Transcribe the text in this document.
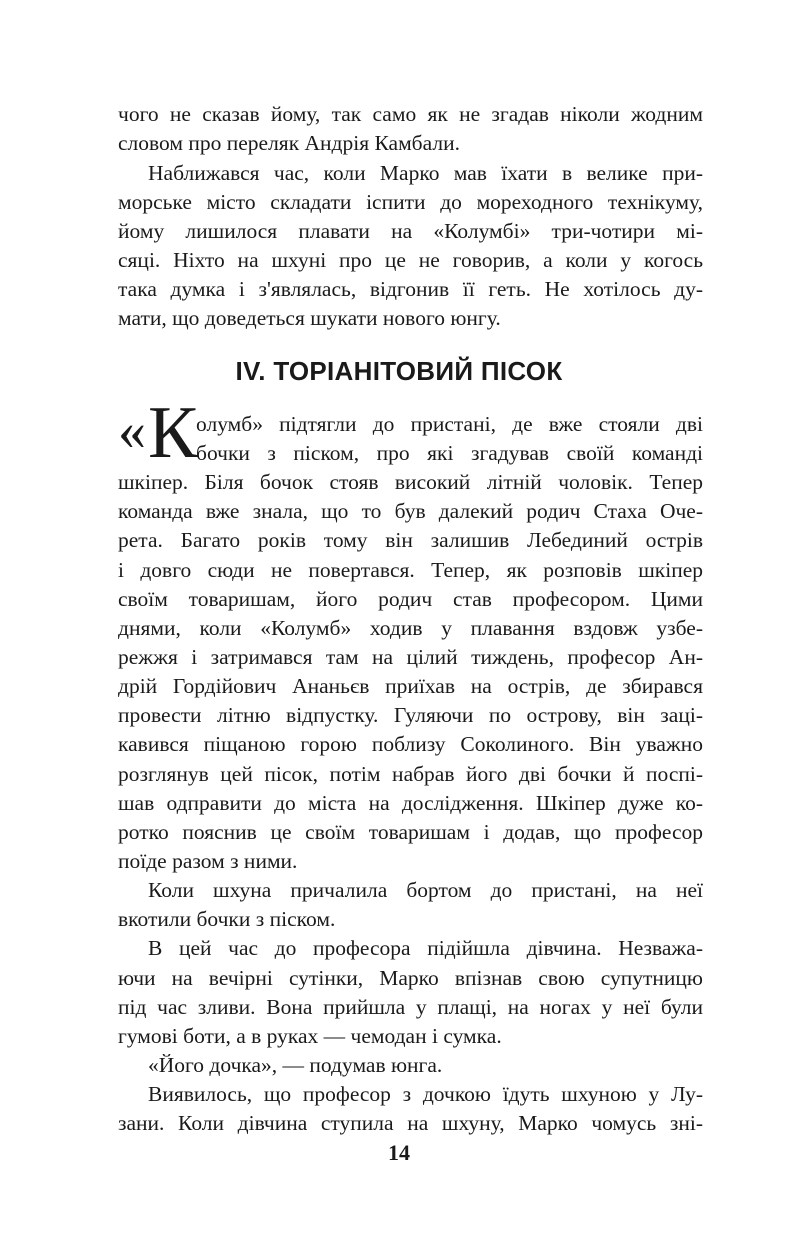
чого не сказав йому, так само як не згадав ніколи жодним
словом про переляк Андрія Камбали.
Наближався час, коли Марко мав їхати в велике при-
морське місто складати іспити до мореходного технікуму,
йому лишилося плавати на «Колумбі» три-чотири мі-
сяці. Ніхто на шхуні про це не говорив, а коли у когось
така думка і з'являлась, відгонив її геть. Не хотілось ду-
мати, що доведеться шукати нового юнгу.
IV. ТОРІАНІТОВИЙ ПІСОК
«К
олумб» підтягли до пристані, де вже стояли дві
бочки з піском, про які згадував своїй команді
шкіпер. Біля бочок стояв високий літній чоловік. Тепер
команда вже знала, що то був далекий родич Стаха Оче-
рета. Багато років тому він залишив Лебединий острів
і довго сюди не повертався. Тепер, як розповів шкіпер
своїм товаришам, його родич став професором. Цими
днями, коли «Колумб» ходив у плавання вздовж узбе-
режжя і затримався там на цілий тиждень, професор Ан-
дрій Гордійович Ананьєв приїхав на острів, де збирався
провести літню відпустку. Гуляючи по острову, він заці-
кавився піщаною горою поблизу Соколиного. Він уважно
розглянув цей пісок, потім набрав його дві бочки й поспі-
шав одправити до міста на дослідження. Шкіпер дуже ко-
ротко пояснив це своїм товаришам і додав, що професор
поїде разом з ними.
Коли шхуна причалила бортом до пристані, на неї
вкотили бочки з піском.
В цей час до професора підійшла дівчина. Незважа-
ючи на вечірні сутінки, Марко впізнав свою супутницю
під час зливи. Вона прийшла у плащі, на ногах у неї були
гумові боти, а в руках — чемодан і сумка.
«Його дочка», — подумав юнга.
Виявилось, що професор з дочкою їдуть шхуною у Лу-
зани. Коли дівчина ступила на шхуну, Марко чомусь зні-
14
